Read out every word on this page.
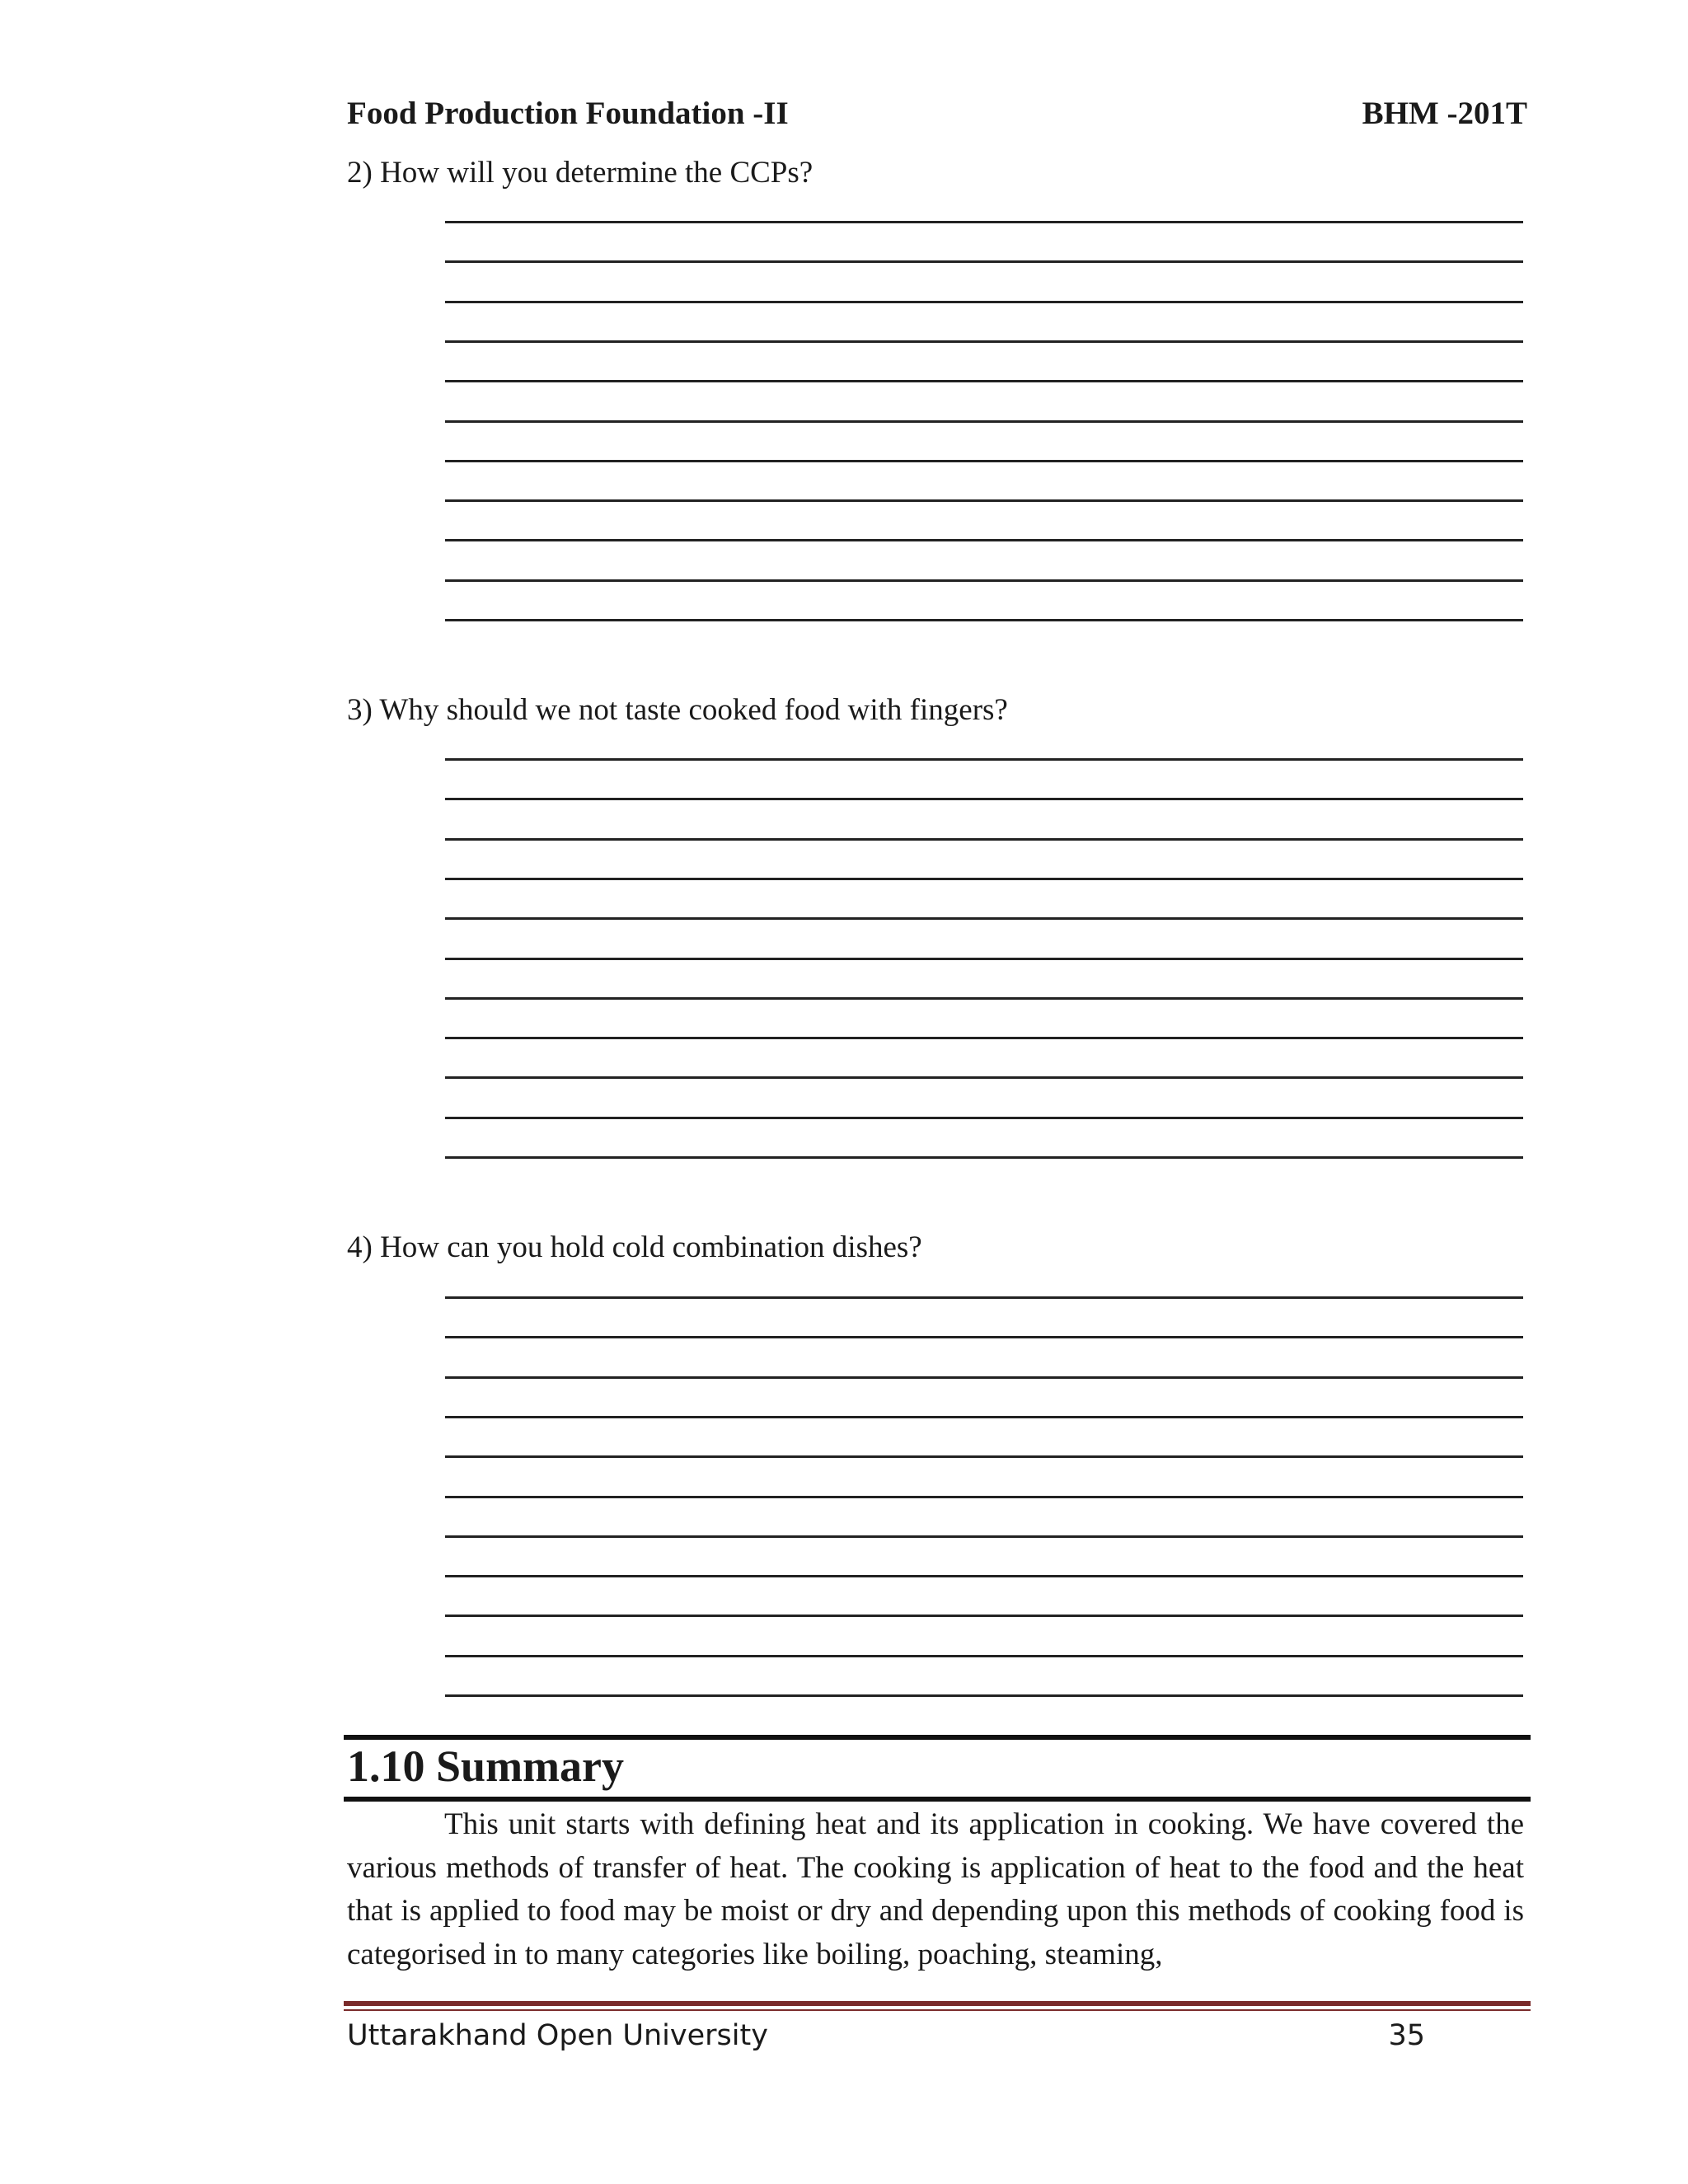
Food Production Foundation -II	BHM -201T
2) How will you determine the CCPs?
3) Why should we not taste cooked food with fingers?
4) How can you hold cold combination dishes?
1.10 Summary
This unit starts with defining heat and its application in cooking. We have covered the various methods of transfer of heat. The cooking is application of heat to the food and the heat that is applied to food may be moist or dry and depending upon this methods of cooking food is categorised in to many categories like boiling, poaching, steaming,
Uttarakhand Open University	35
